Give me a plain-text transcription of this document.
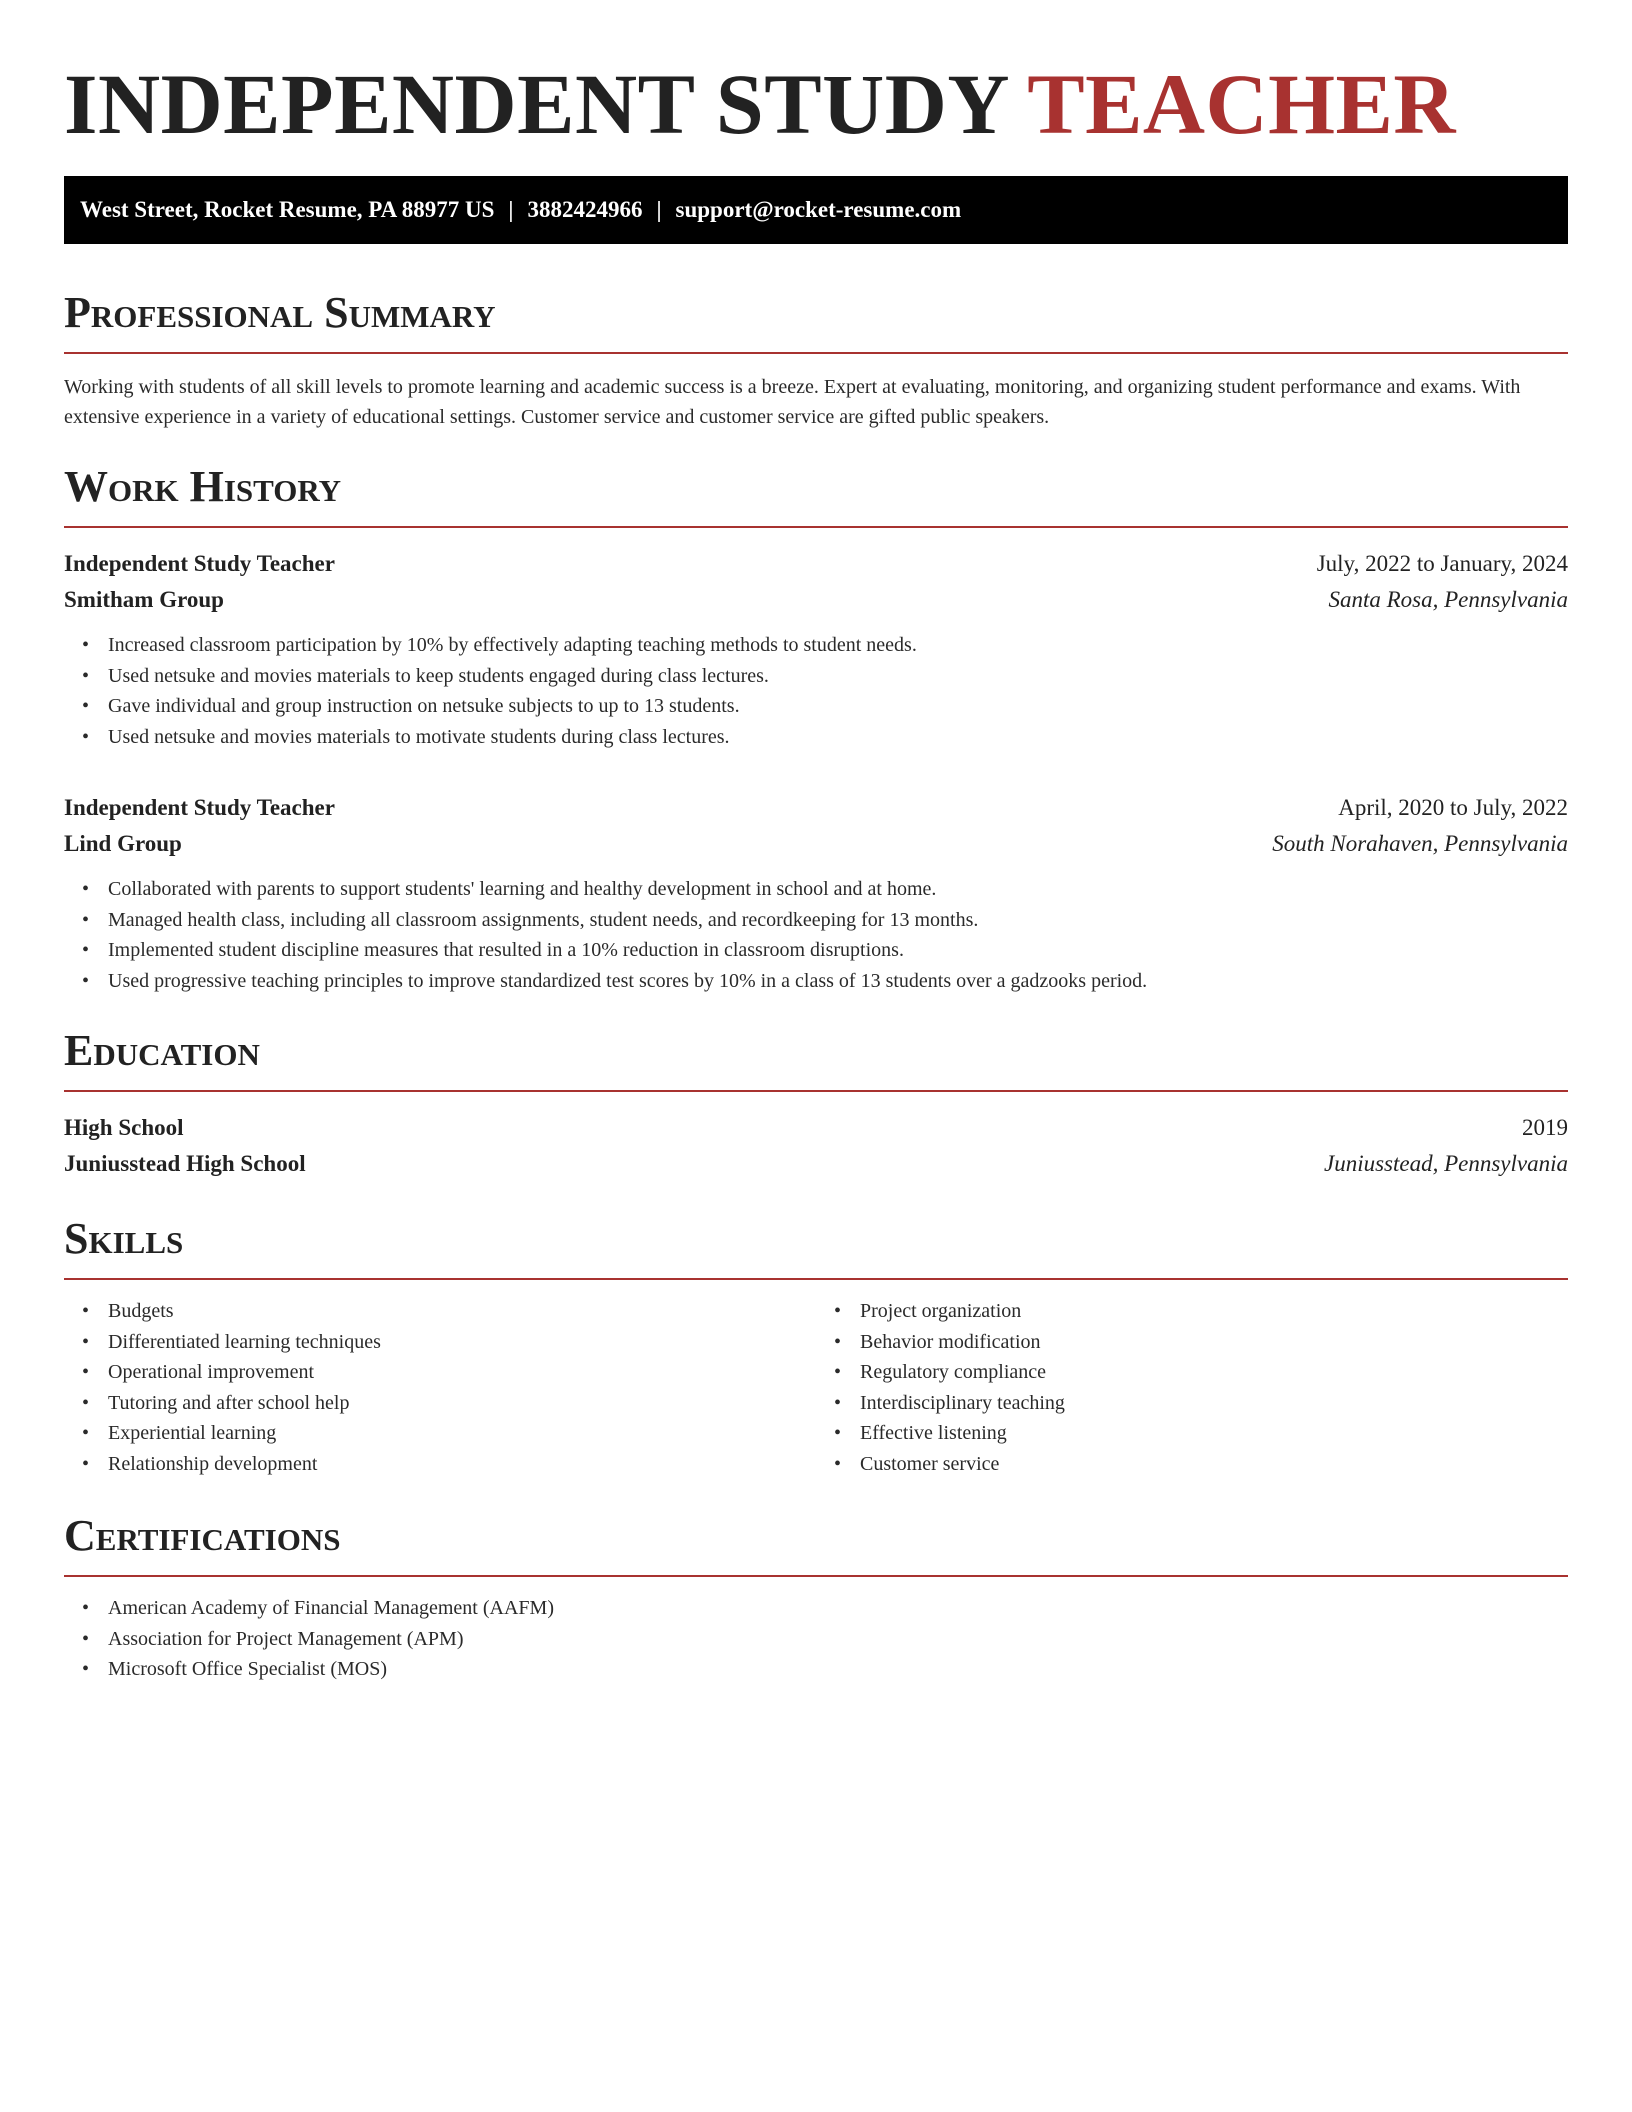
INDEPENDENT STUDY TEACHER
West Street, Rocket Resume, PA 88977 US | 3882424966 | support@rocket-resume.com
Professional Summary

Working with students of all skill levels to promote learning and academic success is a breeze. Expert at evaluating, monitoring, and organizing student performance and exams. With extensive experience in a variety of educational settings. Customer service and customer service are gifted public speakers.

Work History
Independent Study Teacher	July, 2022 to January, 2024
Smitham Group	Santa Rosa, Pennsylvania
• Increased classroom participation by 10% by effectively adapting teaching methods to student needs.
• Used netsuke and movies materials to keep students engaged during class lectures.
• Gave individual and group instruction on netsuke subjects to up to 13 students.
• Used netsuke and movies materials to motivate students during class lectures.
Independent Study Teacher	April, 2020 to July, 2022
Lind Group	South Norahaven, Pennsylvania
• Collaborated with parents to support students' learning and healthy development in school and at home.
• Managed health class, including all classroom assignments, student needs, and recordkeeping for 13 months.
• Implemented student discipline measures that resulted in a 10% reduction in classroom disruptions.
• Used progressive teaching principles to improve standardized test scores by 10% in a class of 13 students over a gadzooks period.
Education
High School	2019
Juniusstead High School	Juniusstead, Pennsylvania
Skills
• Budgets
• Differentiated learning techniques
• Operational improvement
• Tutoring and after school help
• Experiential learning
• Relationship development
• Project organization
• Behavior modification
• Regulatory compliance
• Interdisciplinary teaching
• Effective listening
• Customer service
Certifications
• American Academy of Financial Management (AAFM)
• Association for Project Management (APM)
• Microsoft Office Specialist (MOS)
